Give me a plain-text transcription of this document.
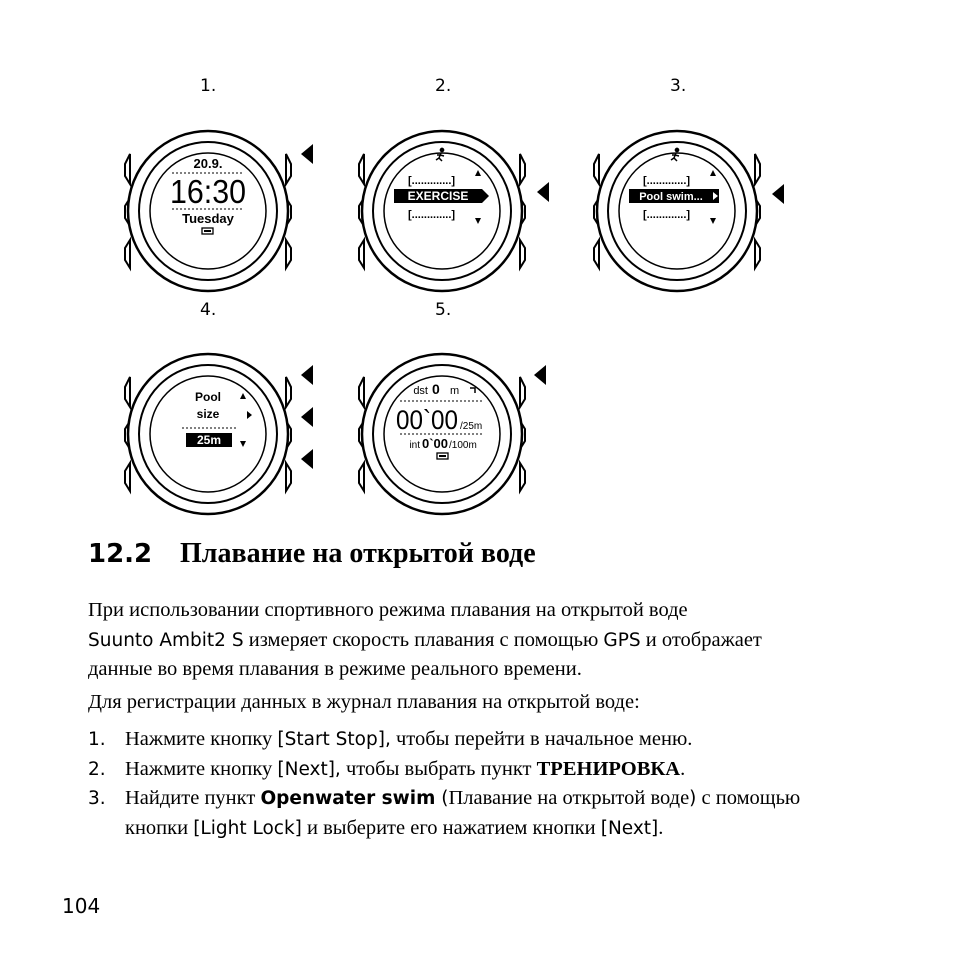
1.
20.9.
16:30
Tuesday
2.
[.............]
EXERCISE
[.............]
3.
[.............]
Pool swim...
[.............]
4.
Pool
size
25m
5.
dst 0 m
00`00 /25m
int 0`00 /100m
12.2 Плавание на открытой воде
При использовании спортивного режима плавания на открытой воде
Suunto Ambit2 S измеряет скорость плавания с помощью GPS и отображает данные во время плавания в режиме реального времени.
Для регистрации данных в журнал плавания на открытой воде:
1. Нажмите кнопку [Start Stop], чтобы перейти в начальное меню.
2. Нажмите кнопку [Next], чтобы выбрать пункт ТРЕНИРОВКА.
3. Найдите пункт Openwater swim (Плавание на открытой воде) с помощью кнопки [Light Lock] и выберите его нажатием кнопки [Next].
104
